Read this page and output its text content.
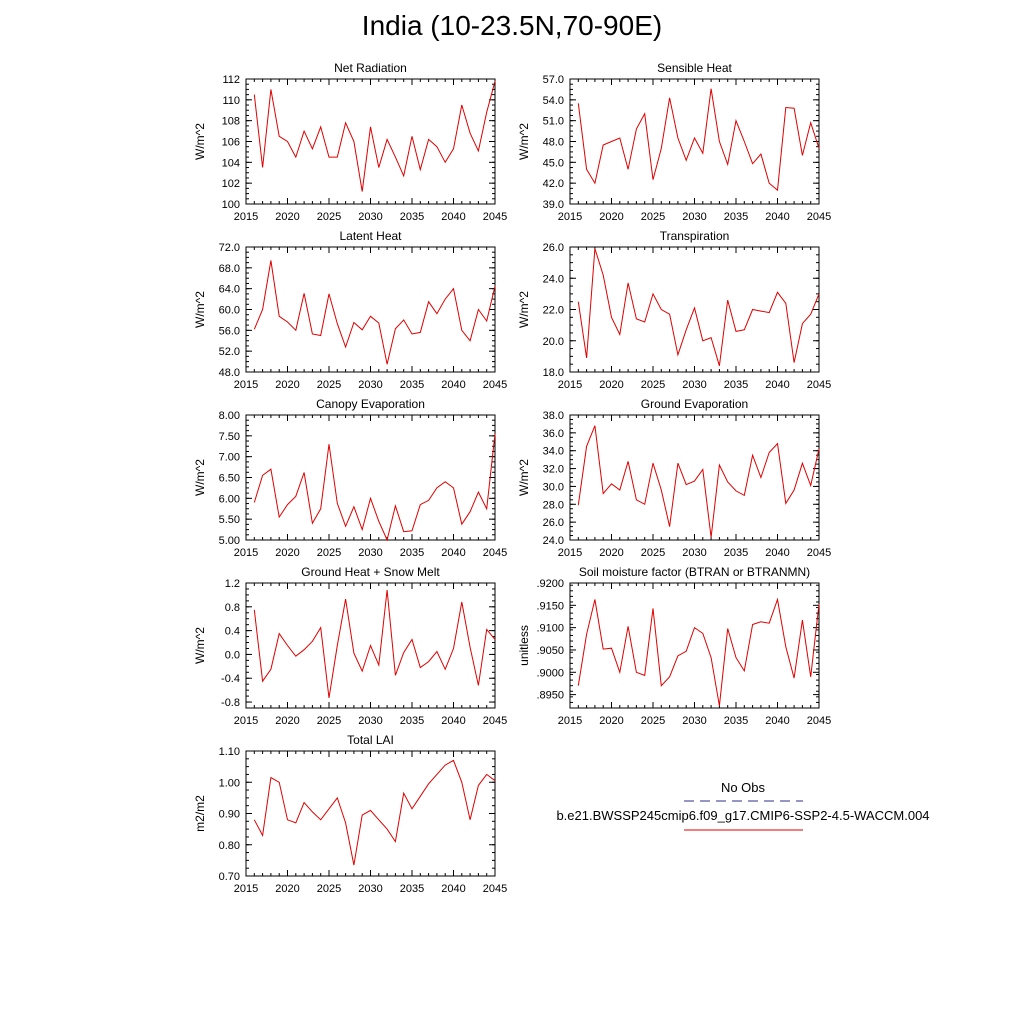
India (10-23.5N,70-90E)
Net Radiation
W/m^2
2015 2020 2025 2030 2035 2040 2045
100
102
104
106
108
110
112
Sensible Heat
W/m^2
2015 2020 2025 2030 2035 2040 2045
39.0
42.0
45.0
48.0
51.0
54.0
57.0
Latent Heat
W/m^2
2015 2020 2025 2030 2035 2040 2045
48.0
52.0
56.0
60.0
64.0
68.0
72.0
Transpiration
W/m^2
2015 2020 2025 2030 2035 2040 2045
18.0
20.0
22.0
24.0
26.0
Canopy Evaporation
W/m^2
2015 2020 2025 2030 2035 2040 2045
5.00
5.50
6.00
6.50
7.00
7.50
8.00
Ground Evaporation
W/m^2
2015 2020 2025 2030 2035 2040 2045
24.0
26.0
28.0
30.0
32.0
34.0
36.0
38.0
Ground Heat + Snow Melt
W/m^2
2015 2020 2025 2030 2035 2040 2045
-0.8
-0.4
0.0
0.4
0.8
1.2
Soil moisture factor (BTRAN or BTRANMN)
unitless
2015 2020 2025 2030 2035 2040 2045
.8950
.9000
.9050
.9100
.9150
.9200
Total LAI
m2/m2
2015 2020 2025 2030 2035 2040 2045
0.70
0.80
0.90
1.00
1.10
No Obs
b.e21.BWSSP245cmip6.f09_g17.CMIP6-SSP2-4.5-WACCM.004
